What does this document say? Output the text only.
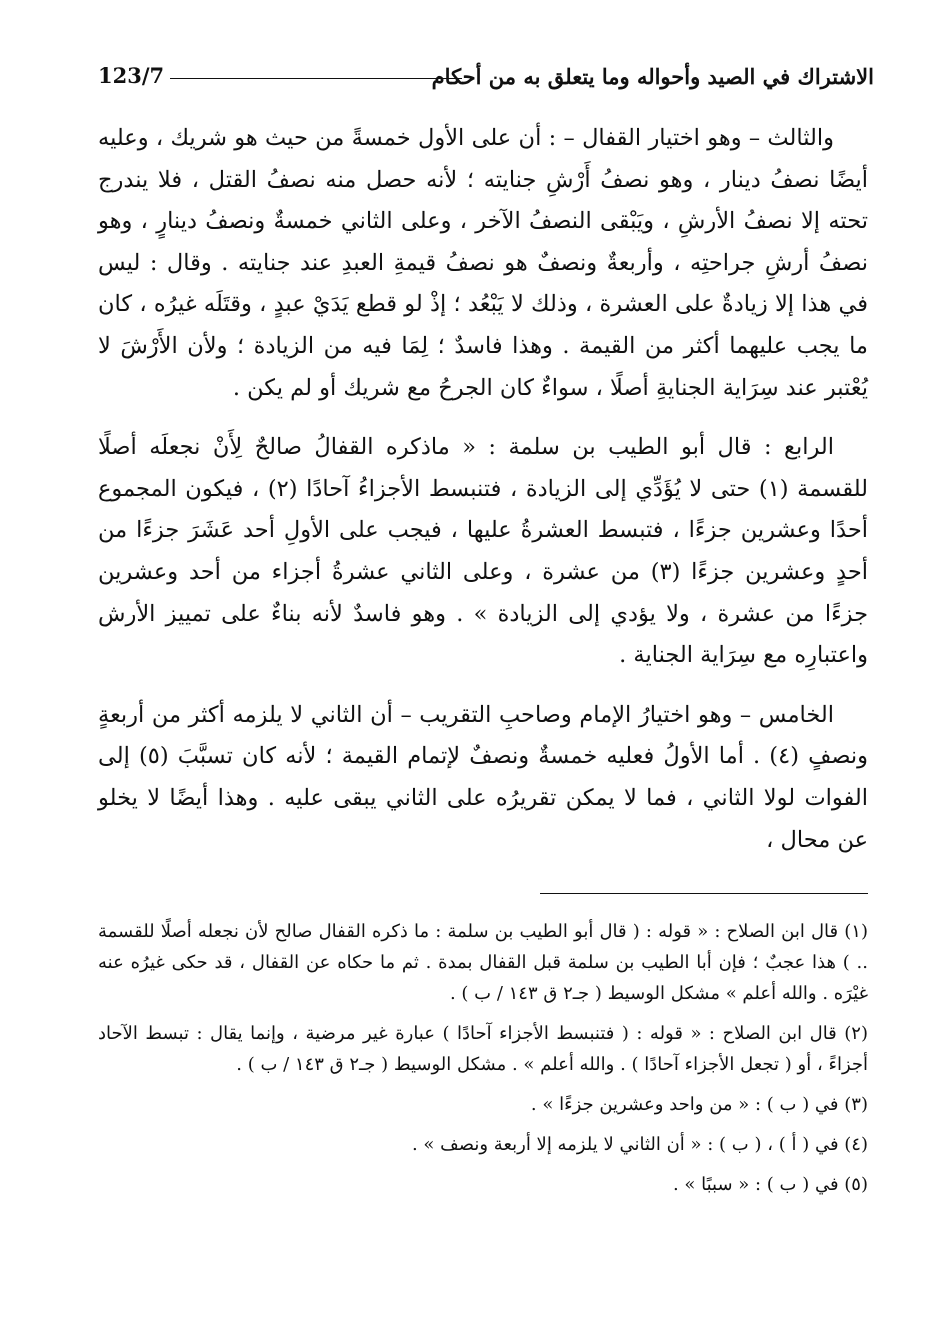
الاشتراك في الصيد وأحواله وما يتعلق به من أحكام
123/7

والثالث – وهو اختيار القفال – : أن على الأول خمسةً من حيث هو شريك ، وعليه أيضًا نصفُ دينار ، وهو نصفُ أَرْشِ جنايته ؛ لأنه حصل منه نصفُ القتل ، فلا يندرج تحته إلا نصفُ الأرشِ ، ويَبْقى النصفُ الآخر ، وعلى الثاني خمسةٌ ونصفُ دينارٍ ، وهو نصفُ أرشِ جراحتِه ، وأربعةٌ ونصفٌ هو نصفُ قيمةِ العبدِ عند جنايته . وقال : ليس في هذا إلا زيادةٌ على العشرة ، وذلك لا يَبْعُد ؛ إذْ لو قطع يَدَيْ عبدٍ ، وقتَلَه غيرُه ، كان ما يجب عليهما أكثر من القيمة . وهذا فاسدٌ ؛ لِمَا فيه من الزيادة ؛ ولأن الأَرْشَ لا يُعْتبر عند سِرَاية الجنايةِ أصلًا ، سواءٌ كان الجرحُ مع شريك أو لم يكن .

الرابع : قال أبو الطيب بن سلمة : « ماذكره القفالُ صالحٌ لِأَنْ نجعلَه أصلًا للقسمة (١) حتى لا يُؤَدِّي إلى الزيادة ، فتنبسط الأجزاءُ آحادًا (٢) ، فيكون المجموع أحدًا وعشرين جزءًا ، فتبسط العشرةُ عليها ، فيجب على الأولِ أحد عَشَرَ جزءًا من أحدٍ وعشرين جزءًا (٣) من عشرة ، وعلى الثاني عشرةُ أجزاء من أحد وعشرين جزءًا من عشرة ، ولا يؤدي إلى الزيادة » . وهو فاسدٌ لأنه بناءٌ على تمييز الأرش واعتبارِه مع سِرَاية الجناية .

الخامس – وهو اختيارُ الإمام وصاحبِ التقريب – أن الثاني لا يلزمه أكثر من أربعةٍ ونصفٍ (٤) . أما الأولُ فعليه خمسةٌ ونصفٌ لإتمام القيمة ؛ لأنه كان تسبَّبَ (٥) إلى الفوات لولا الثاني ، فما لا يمكن تقريرُه على الثاني يبقى عليه . وهذا أيضًا لا يخلو عن محال ،

(١) قال ابن الصلاح : « قوله : ( قال أبو الطيب بن سلمة : ما ذكره القفال صالح لأن نجعله أصلًا للقسمة .. ) هذا عجبٌ ؛ فإن أبا الطيب بن سلمة قبل القفال بمدة . ثم ما حكاه عن القفال ، قد حكى غيرُه عنه غيْرَه . والله أعلم » مشكل الوسيط ( جـ٢ ق ١٤٣ / ب ) .

(٢) قال ابن الصلاح : « قوله : ( فتنبسط الأجزاء آحادًا ) عبارة غير مرضية ، وإنما يقال : تبسط الآحاد أجزاءً ، أو ( تجعل الأجزاء آحادًا ) . والله أعلم » . مشكل الوسيط ( جـ٢ ق ١٤٣ / ب ) .

(٣) في ( ب ) : « من واحد وعشرين جزءًا » .

(٤) في ( أ ) ، ( ب ) : « أن الثاني لا يلزمه إلا أربعة ونصف » .

(٥) في ( ب ) : « سببًا » .
